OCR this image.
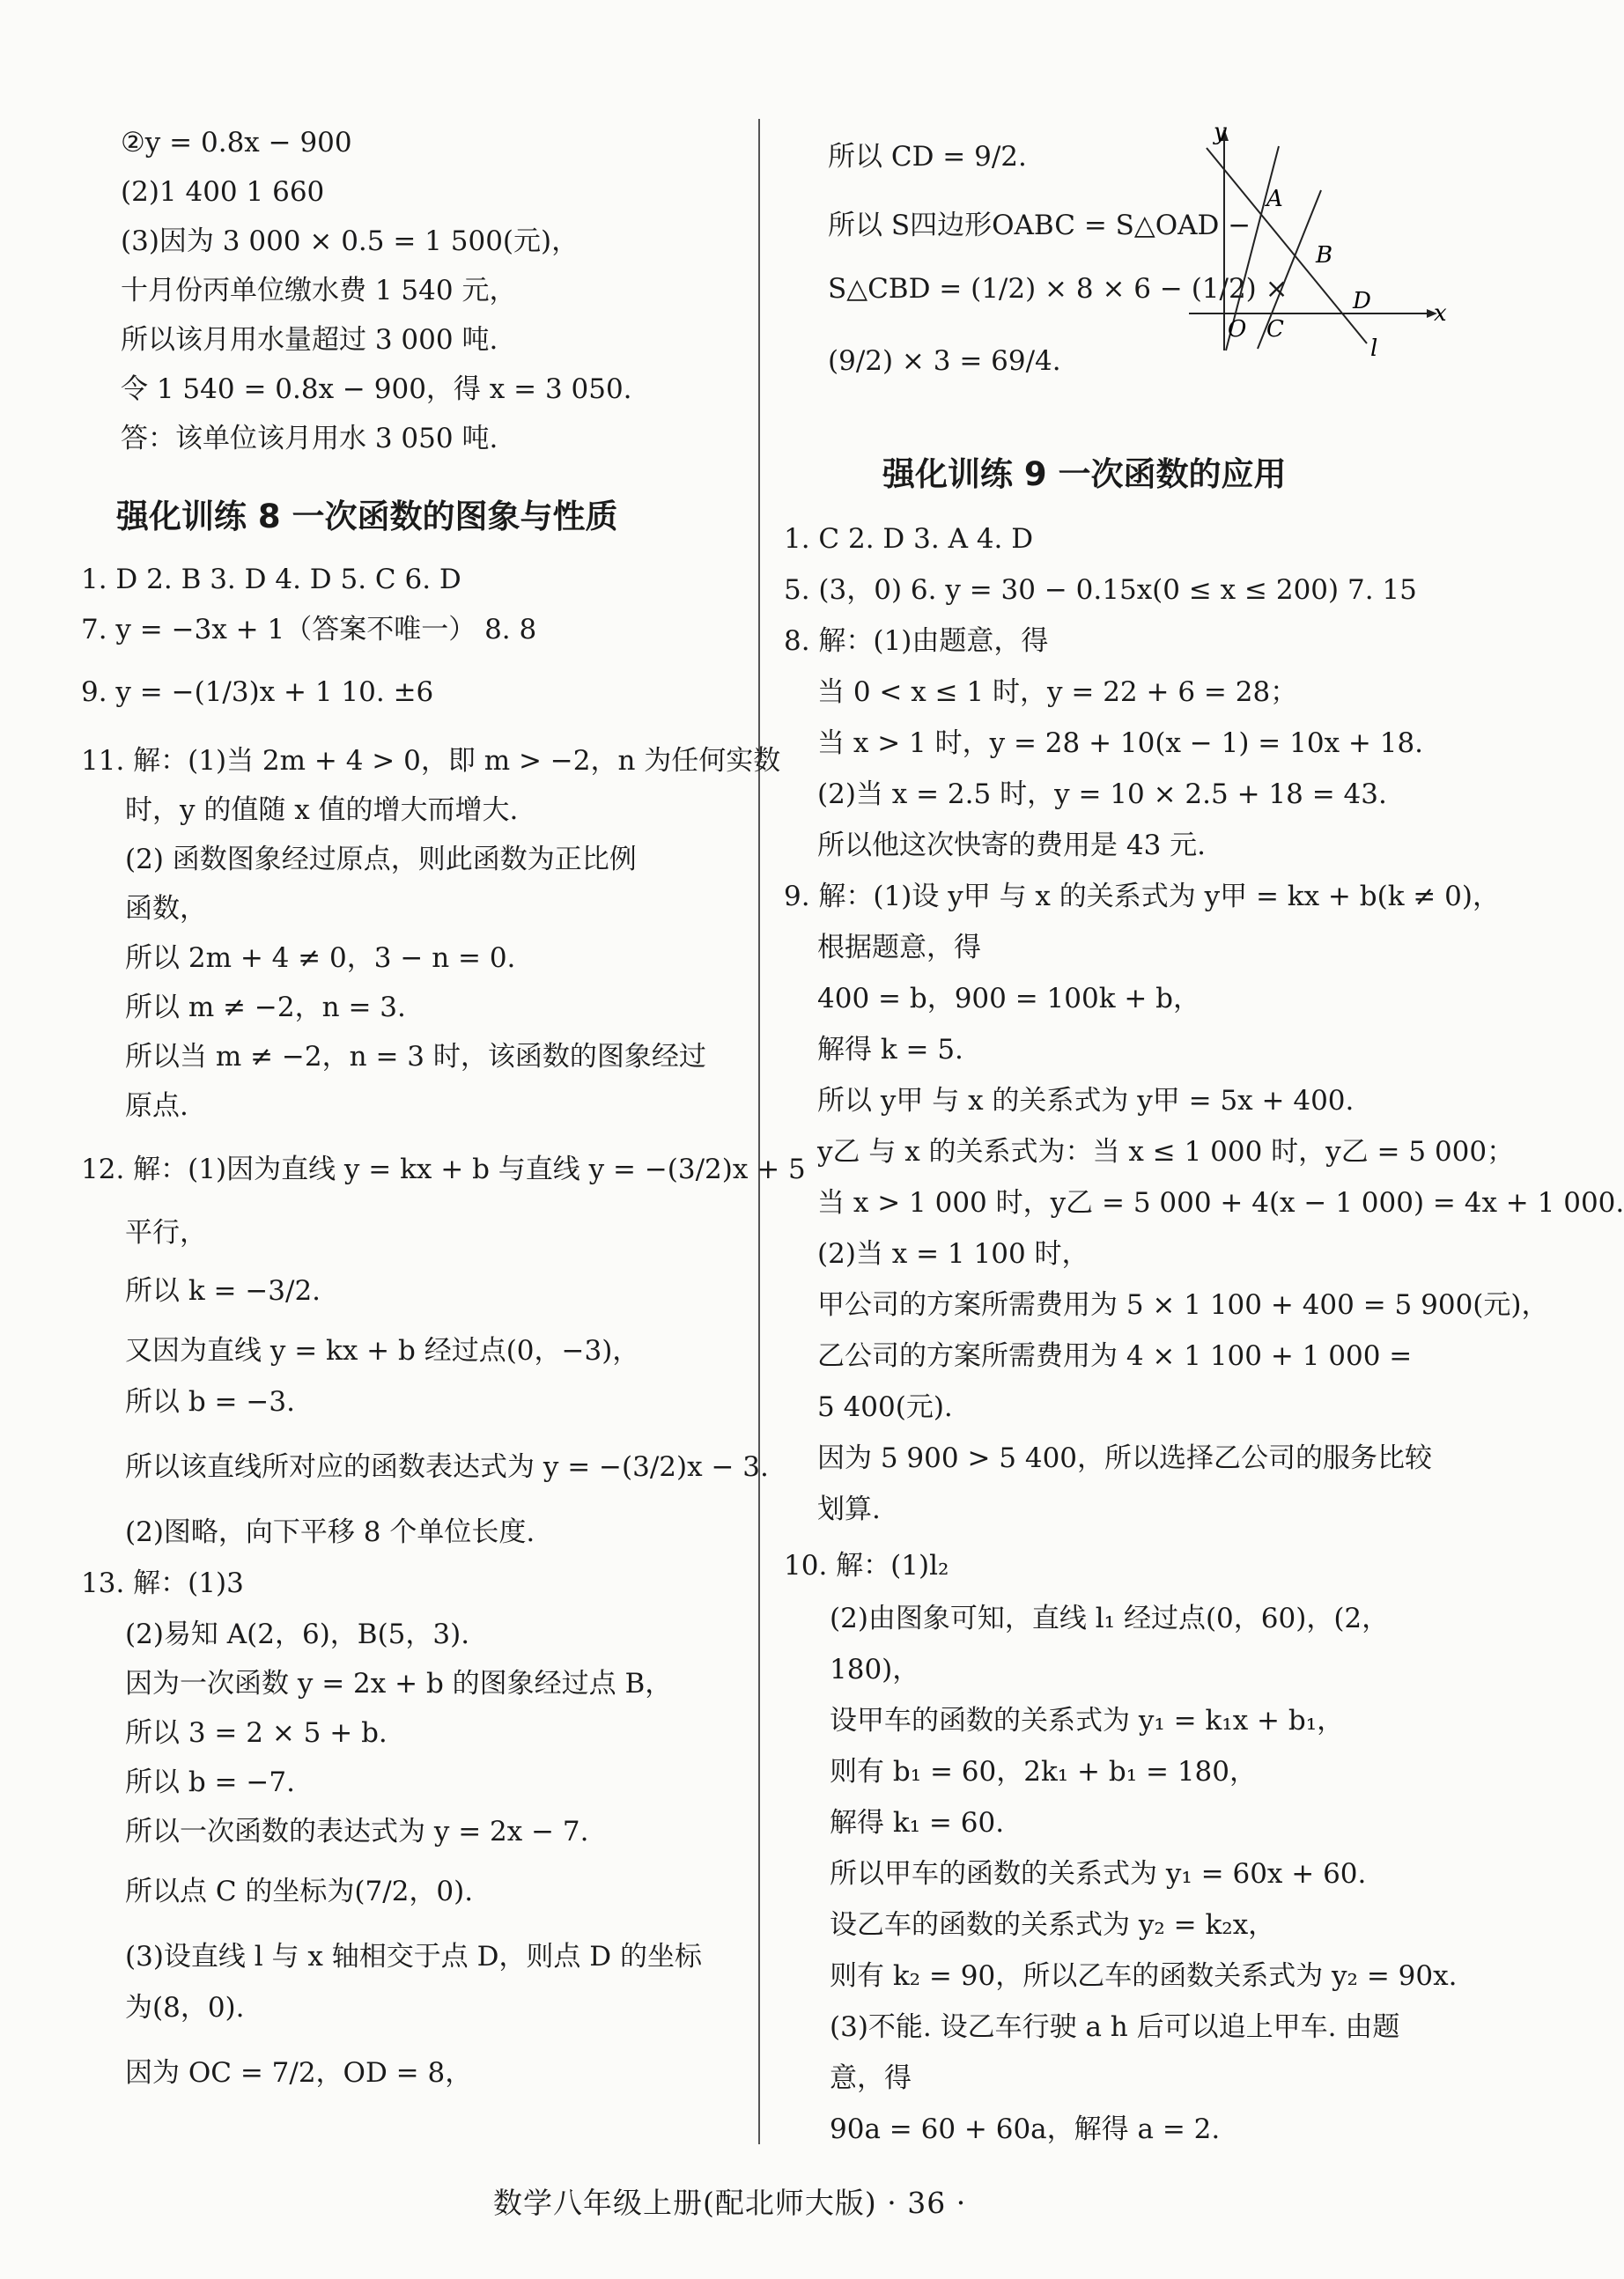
②y = 0.8x − 900
(2)1 400 1 660
(3)因为 3 000 × 0.5 = 1 500(元)，
十月份丙单位缴水费 1 540 元，
所以该月用水量超过 3 000 吨.
令 1 540 = 0.8x − 900，得 x = 3 050.
答：该单位该月用水 3 050 吨.
强化训练 8 一次函数的图象与性质
1. D 2. B 3. D 4. D 5. C 6. D
7. y = −3x + 1（答案不唯一） 8. 8
9. y = −(1/3)x + 1 10. ±6
11. 解：(1)当 2m + 4 > 0，即 m > −2，n 为任何实数
时，y 的值随 x 值的增大而增大.
(2) 函数图象经过原点，则此函数为正比例
函数，
所以 2m + 4 ≠ 0，3 − n = 0.
所以 m ≠ −2，n = 3.
所以当 m ≠ −2，n = 3 时，该函数的图象经过
原点.
12. 解：(1)因为直线 y = kx + b 与直线 y = −(3/2)x + 5
平行，
所以 k = −3/2.
又因为直线 y = kx + b 经过点(0，−3)，
所以 b = −3.
所以该直线所对应的函数表达式为 y = −(3/2)x − 3.
(2)图略，向下平移 8 个单位长度.
13. 解：(1)3
(2)易知 A(2，6)，B(5，3).
因为一次函数 y = 2x + b 的图象经过点 B，
所以 3 = 2 × 5 + b.
所以 b = −7.
所以一次函数的表达式为 y = 2x − 7.
所以点 C 的坐标为(7/2，0).
(3)设直线 l 与 x 轴相交于点 D，则点 D 的坐标
为(8，0).
因为 OC = 7/2，OD = 8，
所以 CD = 9/2.
所以 S四边形OABC = S△OAD −
S△CBD = (1/2) × 8 × 6 − (1/2) ×
(9/2) × 3 = 69/4.
y
A
B
D	x
O C
l
强化训练 9 一次函数的应用
1. C 2. D 3. A 4. D
5. (3，0) 6. y = 30 − 0.15x(0 ≤ x ≤ 200) 7. 15
8. 解：(1)由题意，得
当 0 < x ≤ 1 时，y = 22 + 6 = 28；
当 x > 1 时，y = 28 + 10(x − 1) = 10x + 18.
(2)当 x = 2.5 时，y = 10 × 2.5 + 18 = 43.
所以他这次快寄的费用是 43 元.
9. 解：(1)设 y甲 与 x 的关系式为 y甲 = kx + b(k ≠ 0)，
根据题意，得
400 = b，900 = 100k + b，
解得 k = 5.
所以 y甲 与 x 的关系式为 y甲 = 5x + 400.
y乙 与 x 的关系式为：当 x ≤ 1 000 时，y乙 = 5 000；
当 x > 1 000 时，y乙 = 5 000 + 4(x − 1 000) = 4x + 1 000.
(2)当 x = 1 100 时，
甲公司的方案所需费用为 5 × 1 100 + 400 = 5 900(元)，
乙公司的方案所需费用为 4 × 1 100 + 1 000 =
5 400(元).
因为 5 900 > 5 400，所以选择乙公司的服务比较
划算.
10. 解：(1)l₂
(2)由图象可知，直线 l₁ 经过点(0，60)，(2，
180)，
设甲车的函数的关系式为 y₁ = k₁x + b₁，
则有 b₁ = 60，2k₁ + b₁ = 180，
解得 k₁ = 60.
所以甲车的函数的关系式为 y₁ = 60x + 60.
设乙车的函数的关系式为 y₂ = k₂x，
则有 k₂ = 90，所以乙车的函数关系式为 y₂ = 90x.
(3)不能. 设乙车行驶 a h 后可以追上甲车. 由题
意，得
90a = 60 + 60a，解得 a = 2.
数学八年级上册(配北师大版) · 36 ·
